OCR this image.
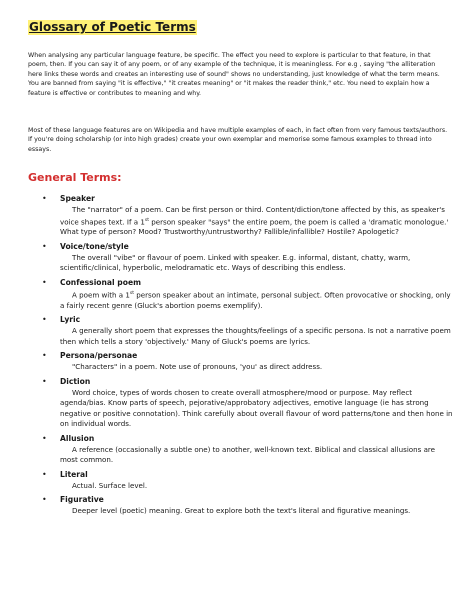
Glossary of Poetic Terms

When analysing any particular language feature, be specific. The effect you need to explore is particular to that feature, in that poem, then. If you can say it of any poem, or of any example of the technique, it is meaningless. For e.g , saying "the alliteration here links these words and creates an interesting use of sound" shows no understanding, just knowledge of what the term means. You are banned from saying "it is effective," "it creates meaning" or "it makes the reader think," etc. You need to explain how a feature is effective or contributes to meaning and why.

Most of these language features are on Wikipedia and have multiple examples of each, in fact often from very famous texts/authors. If you're doing scholarship (or into high grades) create your own exemplar and memorise some famous examples to thread into essays.

General Terms:
• Speaker
The "narrator" of a poem. Can be first person or third. Content/diction/tone affected by this, as speaker's voice shapes text. If a 1st person speaker "says" the entire poem, the poem is called a 'dramatic monologue.' What type of person? Mood? Trustworthy/untrustworthy? Fallible/infallible? Hostile? Apologetic?
• Voice/tone/style
The overall "vibe" or flavour of poem. Linked with speaker. E.g. informal, distant, chatty, warm, scientific/clinical, hyperbolic, melodramatic etc. Ways of describing this endless.
• Confessional poem
A poem with a 1st person speaker about an intimate, personal subject. Often provocative or shocking, only a fairly recent genre (Gluck's abortion poems exemplify).
• Lyric
A generally short poem that expresses the thoughts/feelings of a specific persona. Is not a narrative poem then which tells a story 'objectively.' Many of Gluck's poems are lyrics.
• Persona/personae
"Characters" in a poem. Note use of pronouns, 'you' as direct address.
• Diction
Word choice, types of words chosen to create overall atmosphere/mood or purpose. May reflect agenda/bias. Know parts of speech, pejorative/approbatory adjectives, emotive language (ie has strong negative or positive connotation). Think carefully about overall flavour of word patterns/tone and then hone in on individual words.
• Allusion
A reference (occasionally a subtle one) to another, well-known text. Biblical and classical allusions are most common.
• Literal
Actual. Surface level.
• Figurative
Deeper level (poetic) meaning. Great to explore both the text's literal and figurative meanings.
